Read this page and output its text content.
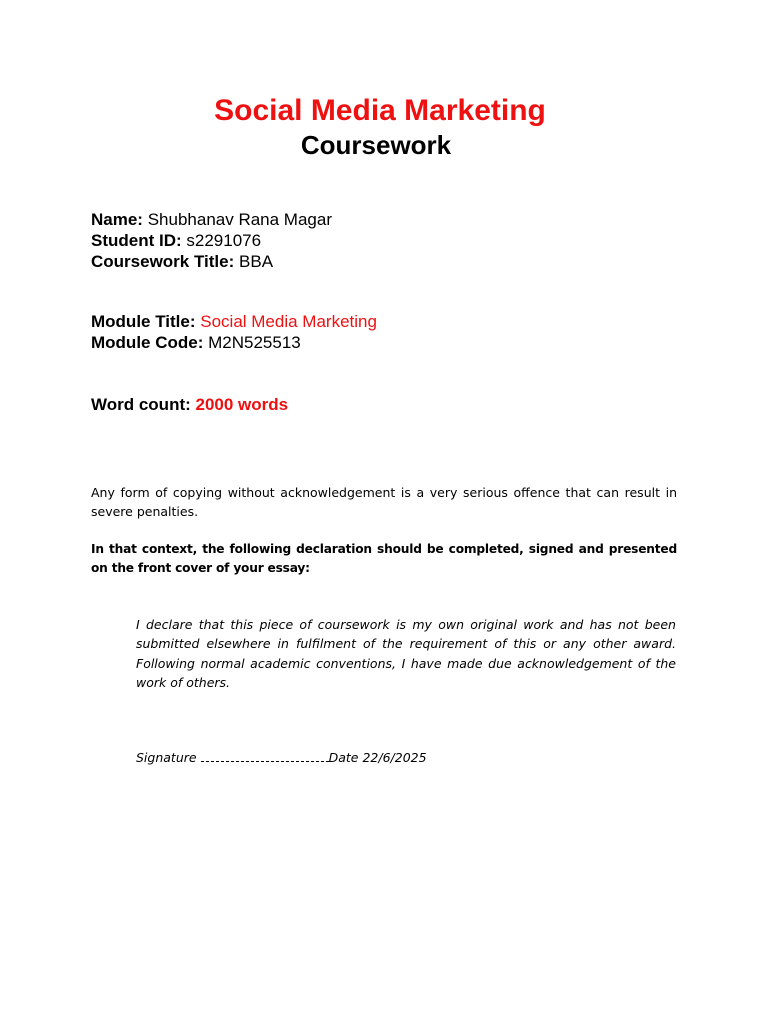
Social Media Marketing
Coursework
Name: Shubhanav Rana Magar
Student ID: s2291076
Coursework Title: BBA
Module Title: Social Media Marketing
Module Code: M2N525513
Word count: 2000 words
Any form of copying without acknowledgement is a very serious offence that can result in severe penalties.
In that context, the following declaration should be completed, signed and presented on the front cover of your essay:
I declare that this piece of coursework is my own original work and has not been submitted elsewhere in fulfilment of the requirement of this or any other award. Following normal academic conventions, I have made due acknowledgement of the work of others.
Signature	Date 22/6/2025
